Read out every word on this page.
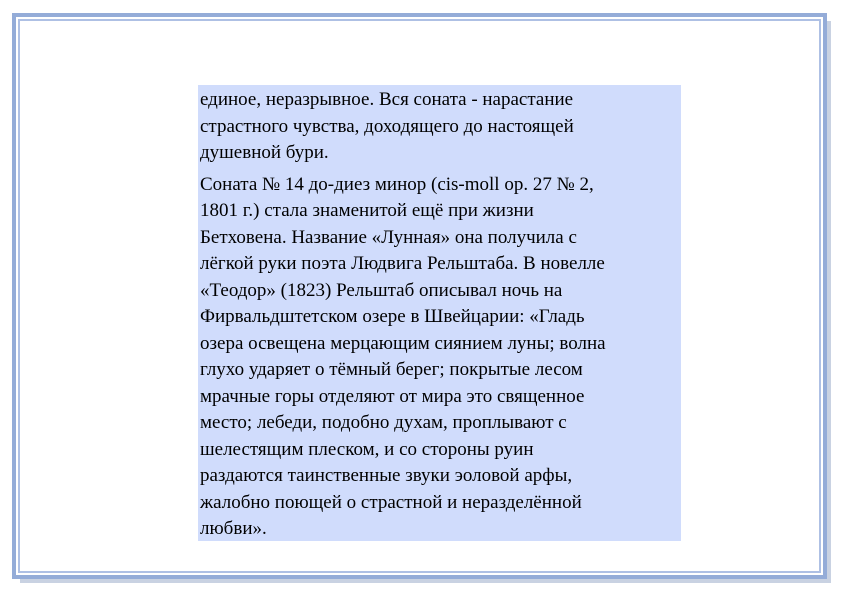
единое, неразрывное. Вся соната - нарастание
страстного чувства, доходящего до настоящей
душевной бури.

Соната № 14 до-диез минор (cis-moll op. 27 № 2,
1801 г.) стала знаменитой ещё при жизни
Бетховена. Название «Лунная» она получила с
лёгкой руки поэта Людвига Рельштаба. В новелле
«Теодор» (1823) Рельштаб описывал ночь на
Фирвальдштетском озере в Швейцарии: «Гладь
озера освещена мерцающим сиянием луны; волна
глухо ударяет о тёмный берег; покрытые лесом
мрачные горы отделяют от мира это священное
место; лебеди, подобно духам, проплывают с
шелестящим плеском, и со стороны руин
раздаются таинственные звуки эоловой арфы,
жалобно поющей о страстной и неразделённой
любви».
